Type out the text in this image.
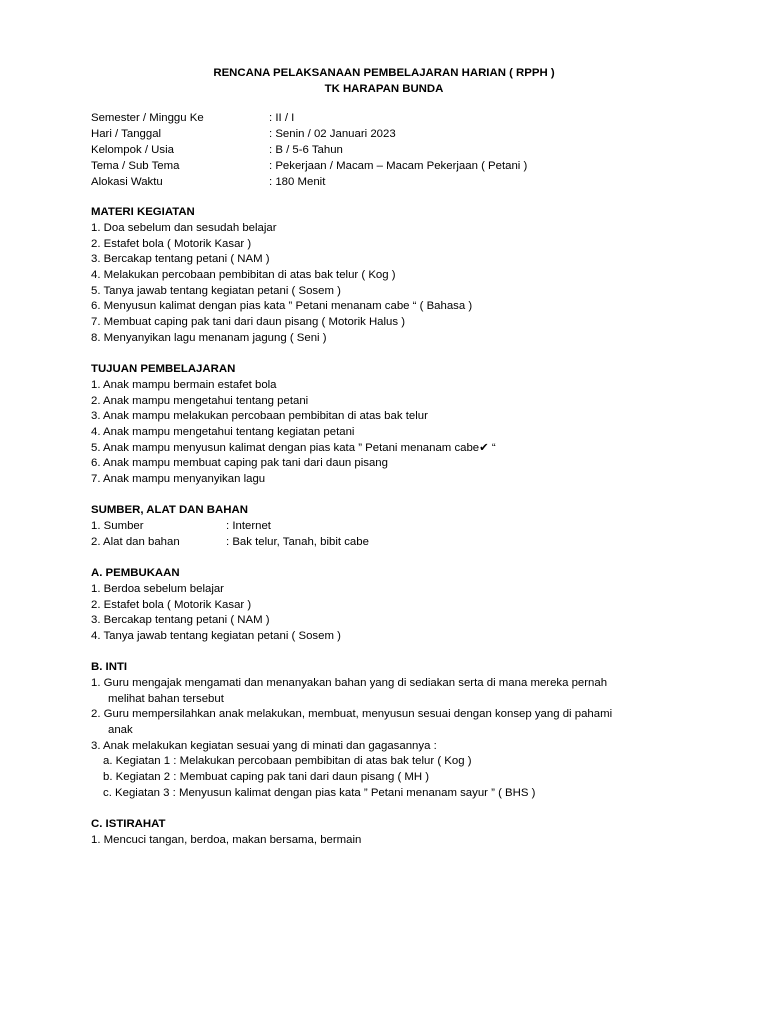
RENCANA PELAKSANAAN PEMBELAJARAN HARIAN ( RPPH )
TK HARAPAN BUNDA
Semester / Minggu Ke	: II / I
Hari / Tanggal	: Senin / 02 Januari 2023
Kelompok / Usia	: B / 5-6 Tahun
Tema / Sub Tema	: Pekerjaan / Macam – Macam Pekerjaan ( Petani )
Alokasi Waktu	: 180 Menit
MATERI KEGIATAN
1. Doa sebelum dan sesudah belajar
2. Estafet bola ( Motorik Kasar )
3. Bercakap tentang petani ( NAM )
4. Melakukan percobaan pembibitan di atas bak telur ( Kog )
5. Tanya jawab tentang kegiatan petani ( Sosem )
6. Menyusun kalimat dengan pias kata ” Petani menanam cabe “ ( Bahasa )
7. Membuat caping pak tani dari daun pisang ( Motorik Halus )
8. Menyanyikan lagu menanam jagung ( Seni )
TUJUAN PEMBELAJARAN
1. Anak mampu bermain estafet bola
2. Anak mampu mengetahui tentang petani
3. Anak mampu melakukan percobaan pembibitan di atas bak telur
4. Anak mampu mengetahui tentang kegiatan petani
5. Anak mampu menyusun kalimat dengan pias kata ” Petani menanam cabe✔ “
6. Anak mampu membuat caping pak tani dari daun pisang
7. Anak mampu menyanyikan lagu
SUMBER, ALAT DAN BAHAN
1. Sumber	: Internet
2. Alat dan bahan	: Bak telur, Tanah, bibit cabe
A. PEMBUKAAN
1. Berdoa sebelum belajar
2. Estafet bola ( Motorik Kasar )
3. Bercakap tentang petani ( NAM )
4. Tanya jawab tentang kegiatan petani ( Sosem )
B. INTI
1. Guru mengajak mengamati dan menanyakan bahan yang di sediakan serta di mana mereka pernah
melihat bahan tersebut
2. Guru mempersilahkan anak melakukan, membuat, menyusun sesuai dengan konsep yang di pahami
anak
3. Anak melakukan kegiatan sesuai yang di minati dan gagasannya :
a. Kegiatan 1 : Melakukan percobaan pembibitan di atas bak telur ( Kog )
b. Kegiatan 2 : Membuat caping pak tani dari daun pisang ( MH )
c. Kegiatan 3 : Menyusun kalimat dengan pias kata ” Petani menanam sayur ” ( BHS )
C. ISTIRAHAT
1. Mencuci tangan, berdoa, makan bersama, bermain
